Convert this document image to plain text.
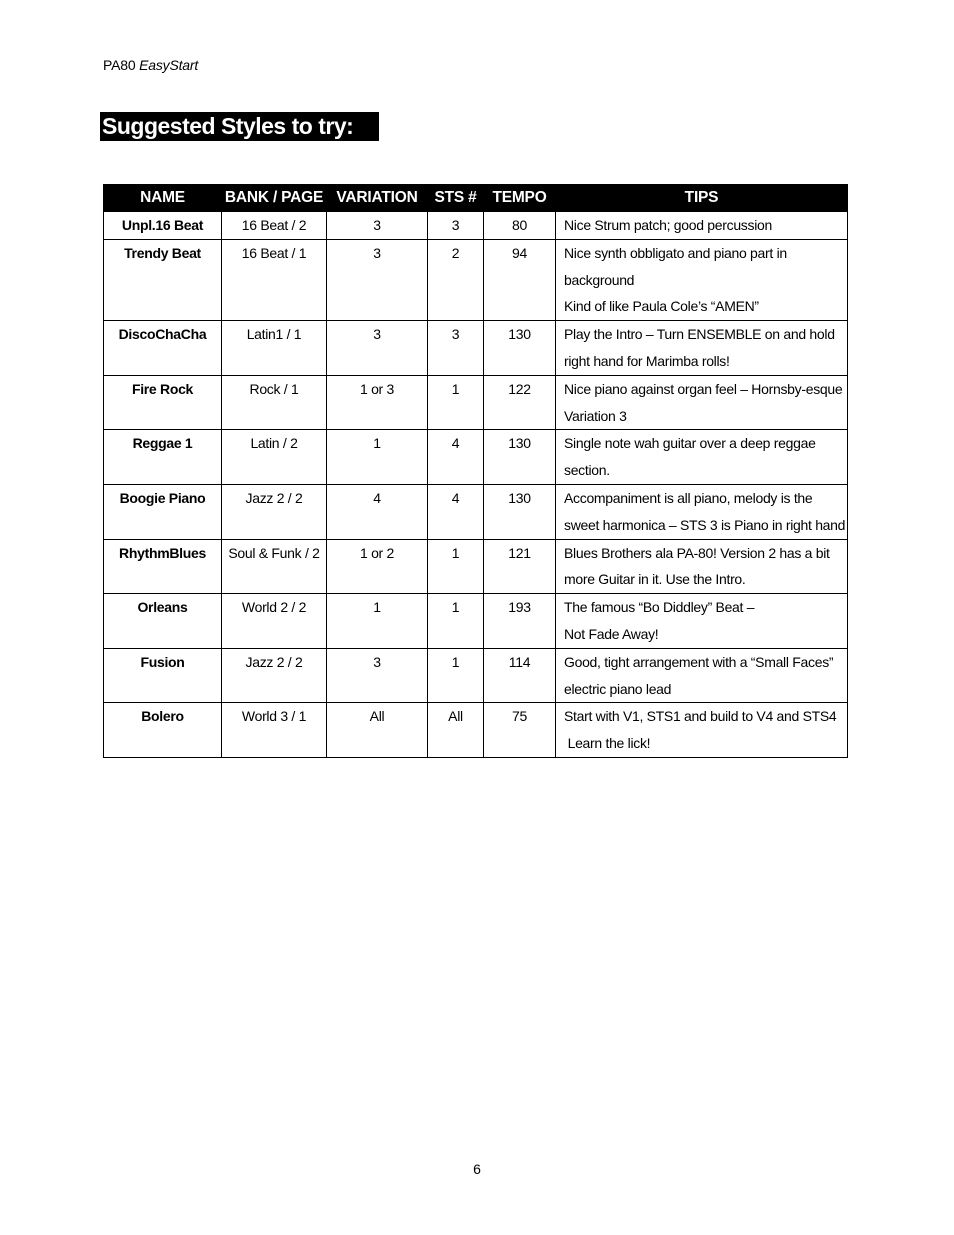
PA80 EasyStart
Suggested Styles to try:
NAME	BANK / PAGE	VARIATION	STS #	TEMPO	TIPS
Unpl.16 Beat	16 Beat / 2	3	3	80	Nice Strum patch; good percussion

Trendy Beat	16 Beat / 1	3	2	94	Nice synth obbligato and piano part in
background
Kind of like Paula Cole’s “AMEN”

DiscoChaCha	Latin1 / 1	3	3	130	Play the Intro – Turn ENSEMBLE on and hold
right hand for Marimba rolls!

Fire Rock	Rock / 1	1 or 3	1	122	Nice piano against organ feel – Hornsby-esque
Variation 3

Reggae 1	Latin / 2	1	4	130	Single note wah guitar over a deep reggae
section.

Boogie Piano	Jazz 2 / 2	4	4	130	Accompaniment is all piano, melody is the
sweet harmonica – STS 3 is Piano in right hand

RhythmBlues	Soul & Funk / 2	1 or 2	1	121	Blues Brothers ala PA-80! Version 2 has a bit
more Guitar in it. Use the Intro.

Orleans	World 2 / 2	1	1	193	The famous “Bo Diddley” Beat –
Not Fade Away!

Fusion	Jazz 2 / 2	3	1	114	Good, tight arrangement with a “Small Faces”
electric piano lead

Bolero	World 3 / 1	All	All	75	Start with V1, STS1 and build to V4 and STS4
Learn the lick!
6
